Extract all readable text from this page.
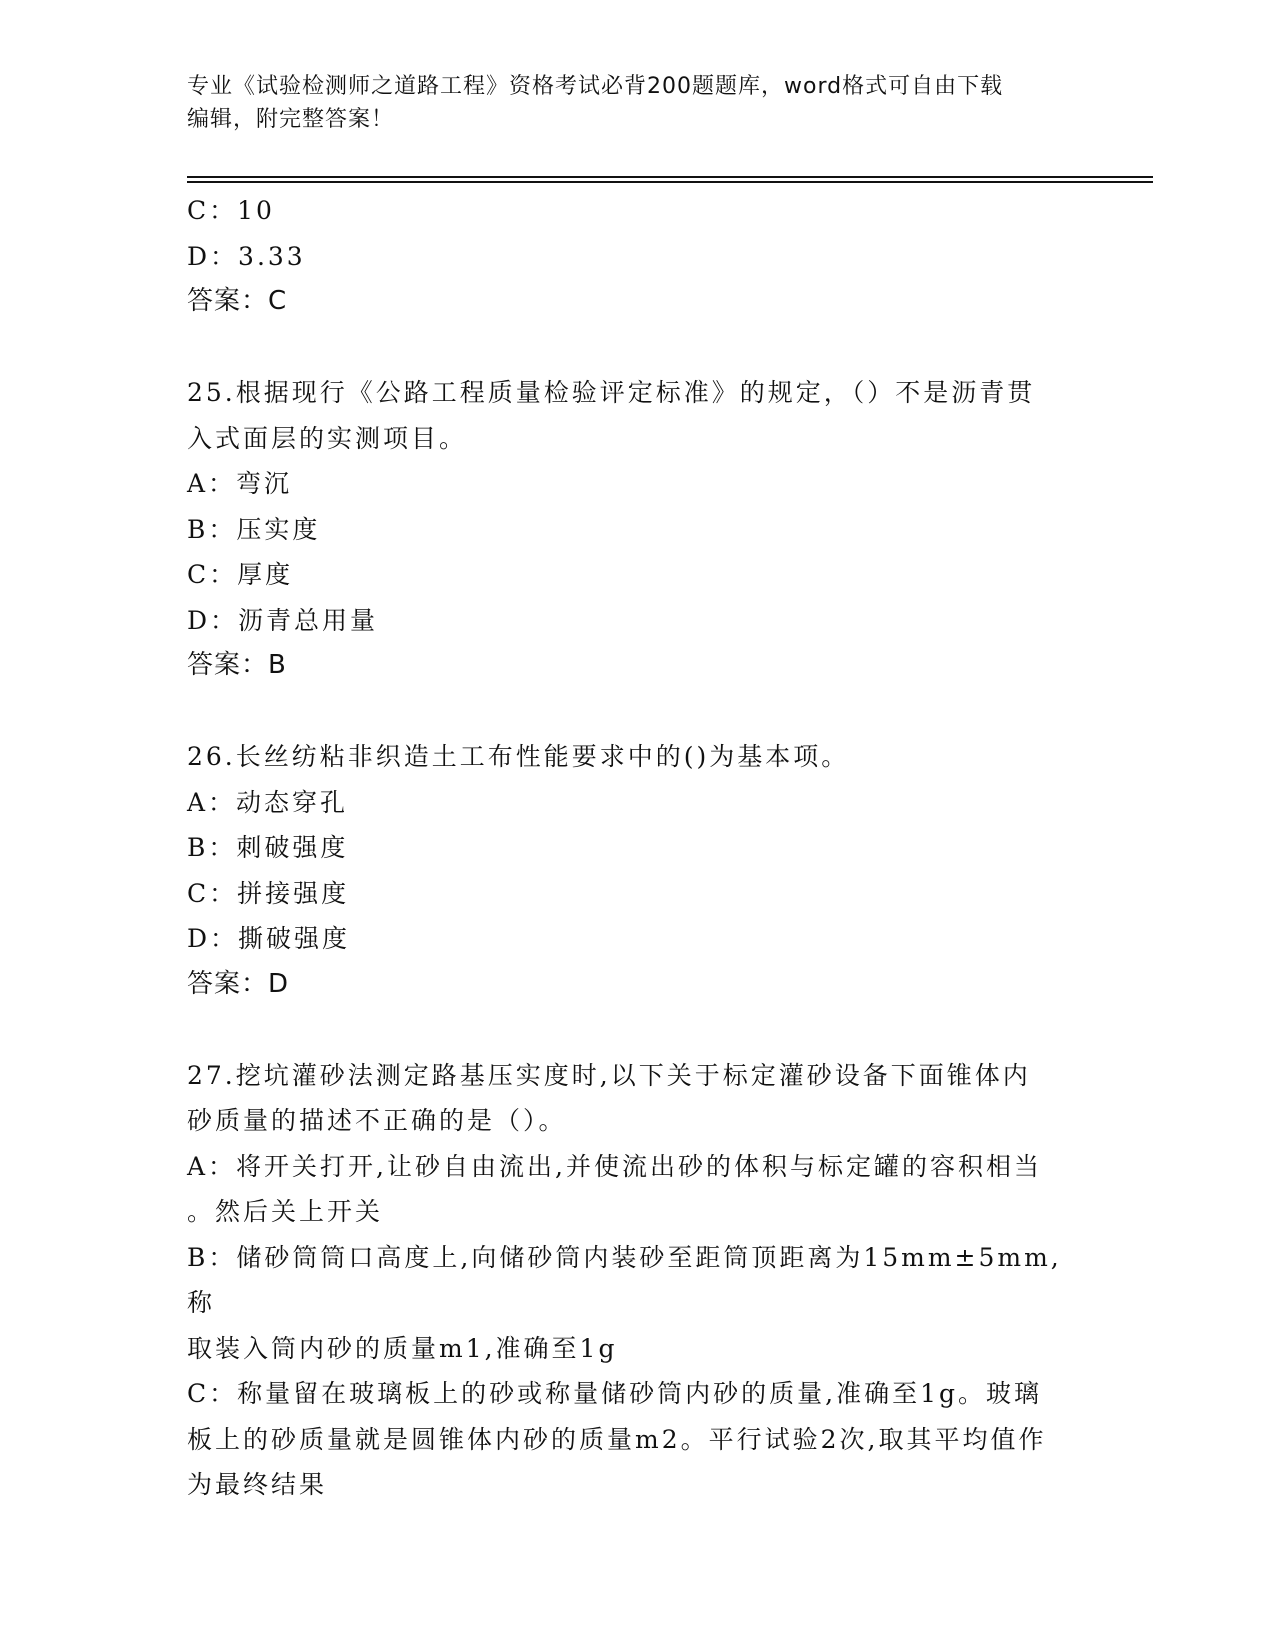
专业《试验检测师之道路工程》资格考试必背200题题库，word格式可自由下载
编辑，附完整答案！

C：10

D：3.33

答案：C

25.根据现行《公路工程质量检验评定标准》的规定，（）不是沥青贯

入式面层的实测项目。

A：弯沉

B：压实度

C：厚度

D：沥青总用量

答案：B

26.长丝纺粘非织造土工布性能要求中的()为基本项。

A：动态穿孔

B：刺破强度

C：拼接强度

D：撕破强度

答案：D

27.挖坑灌砂法测定路基压实度时,以下关于标定灌砂设备下面锥体内

砂质量的描述不正确的是（）。

A：将开关打开,让砂自由流出,并使流出砂的体积与标定罐的容积相当

。然后关上开关

B：储砂筒筒口高度上,向储砂筒内装砂至距筒顶距离为15mm±5mm,称

取装入筒内砂的质量m1,准确至1g

C：称量留在玻璃板上的砂或称量储砂筒内砂的质量,准确至1g。玻璃

板上的砂质量就是圆锥体内砂的质量m2。平行试验2次,取其平均值作

为最终结果
